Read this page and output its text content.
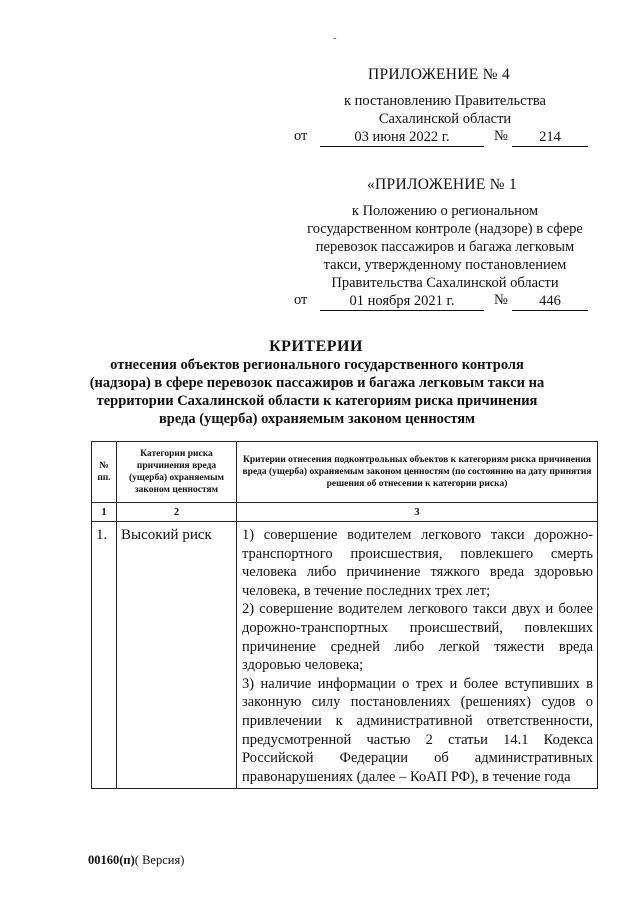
-
ПРИЛОЖЕНИЕ № 4
к постановлению Правительства
Сахалинской области
от	03 июня 2022 г.	№	214
«ПРИЛОЖЕНИЕ № 1
к Положению о региональном
государственном контроле (надзоре) в сфере
перевозок пассажиров и багажа легковым
такси, утвержденному постановлением
Правительства Сахалинской области
от	01 ноября 2021 г.	№	446
КРИТЕРИИ
отнесения объектов регионального государственного контроля (надзора) в сфере перевозок пассажиров и багажа легковым такси на территории Сахалинской области к категориям риска причинения вреда (ущерба) охраняемым законом ценностям
№ пп.	Категории риска причинения вреда (ущерба) охраняемым законом ценностям	Критерии отнесения подконтрольных объектов к категориям риска причинения вреда (ущерба) охраняемым законом ценностям (по состоянию на дату принятия решения об отнесении к категории риска)
1	2	3
1.	Высокий риск	1) совершение водителем легкового такси дорожно-транспортного происшествия, повлекшего смерть человека либо причинение тяжкого вреда здоровью человека, в течение последних трех лет;
2) совершение водителем легкового такси двух и более дорожно-транспортных происшествий, повлекших причинение средней либо легкой тяжести вреда здоровью человека;
3) наличие информации о трех и более вступивших в законную силу постановлениях (решениях) судов о привлечении к административной ответственности, предусмотренной частью 2 статьи 14.1 Кодекса Российской Федерации об административных правонарушениях (далее – КоАП РФ), в течение года
00160(п)( Версия)
